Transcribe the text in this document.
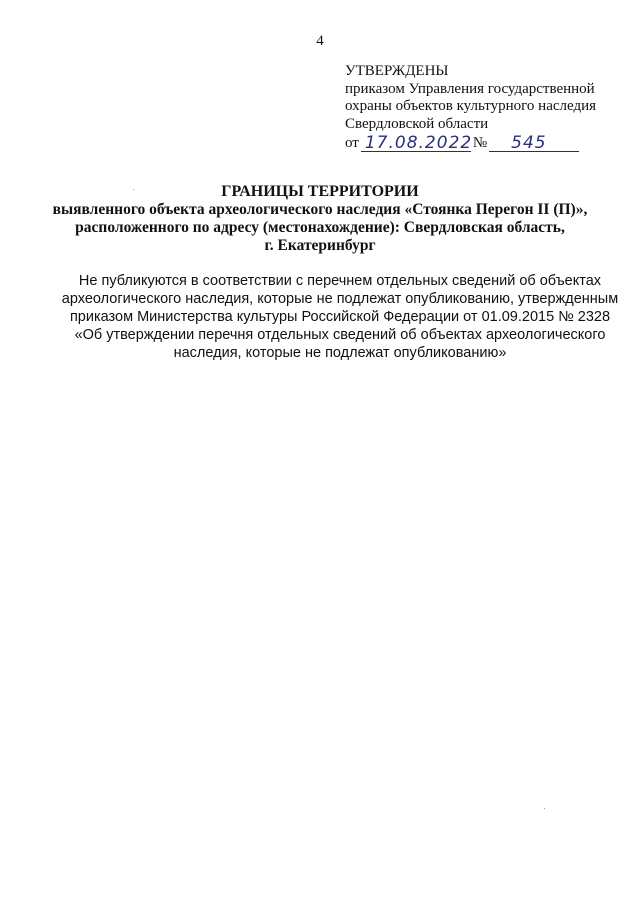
4
УТВЕРЖДЕНЫ
приказом Управления государственной
охраны объектов культурного наследия
Свердловской области
от 17.08.2022 № 545
ГРАНИЦЫ ТЕРРИТОРИИ
выявленного объекта археологического наследия «Стоянка Перегон II (П)»,
расположенного по адресу (местонахождение): Свердловская область,
г. Екатеринбург
Не публикуются в соответствии с перечнем отдельных сведений об объектах
археологического наследия, которые не подлежат опубликованию, утвержденным
приказом Министерства культуры Российской Федерации от 01.09.2015 № 2328
«Об утверждении перечня отдельных сведений об объектах археологического
наследия, которые не подлежат опубликованию»
